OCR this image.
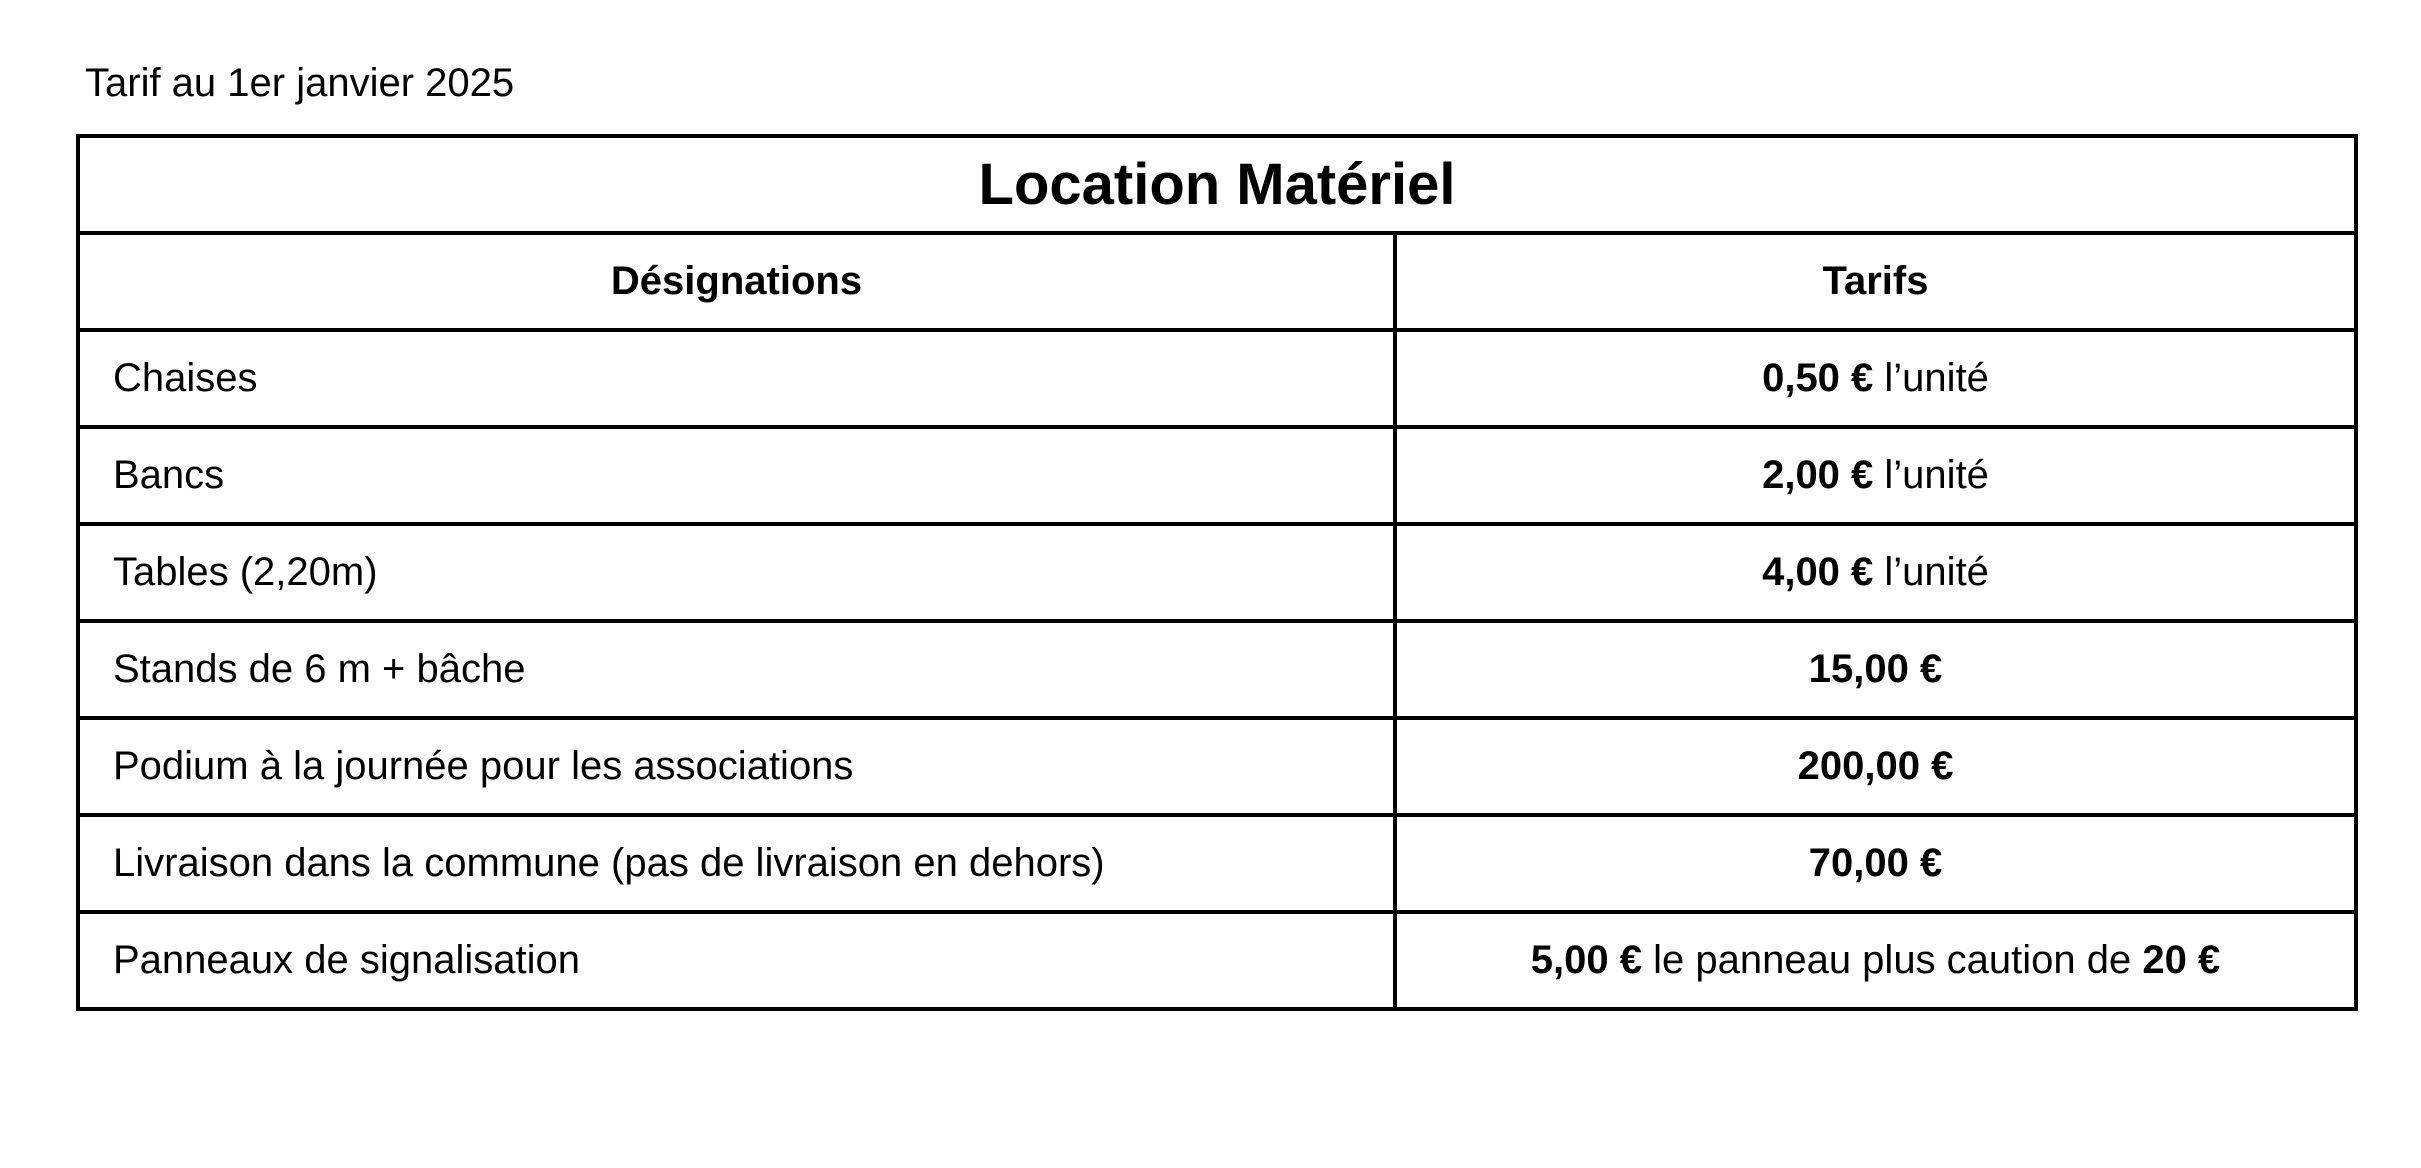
Tarif au 1er janvier 2025

Location Matériel	
Désignations	Tarifs
Chaises	0,50 € l’unité
Bancs	2,00 € l’unité
Tables (2,20m)	4,00 € l’unité
Stands de 6 m + bâche	15,00 €
Podium à la journée pour les associations	200,00 €
Livraison dans la commune (pas de livraison en dehors)	70,00 €
Panneaux de signalisation	5,00 € le panneau plus caution de 20 €
